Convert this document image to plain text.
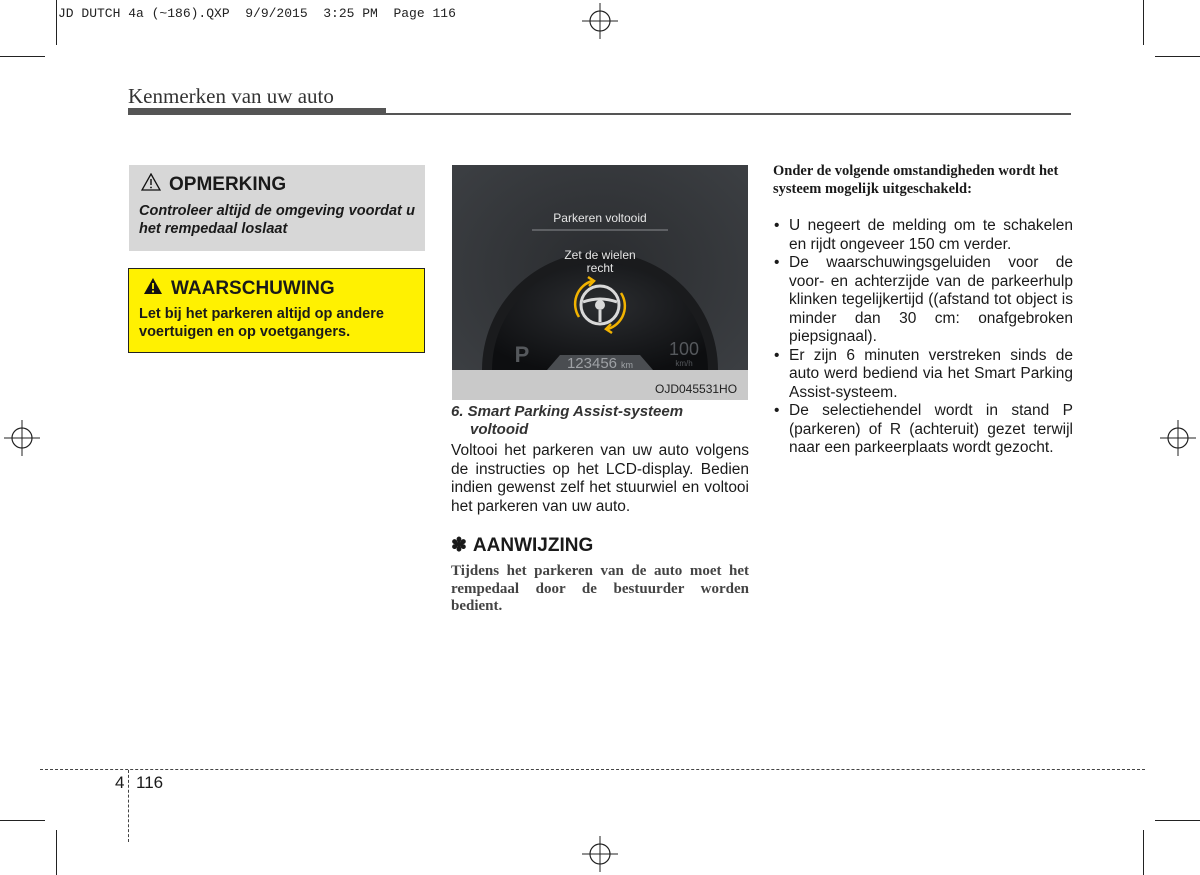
JD DUTCH 4a (~186).QXP  9/9/2015  3:25 PM  Page 116
Kenmerken van uw auto
OPMERKING
Controleer altijd de omgeving voordat u het rempedaal loslaat
WAARSCHUWING
Let bij het parkeren altijd op andere voertuigen en op voetgangers.
Parkeren voltooid
Zet de wielen
recht
P	123456 km
100
km/h
OJD045531HO
6. Smart Parking Assist-systeem
voltooid
Voltooi het parkeren van uw auto volgens de instructies op het LCD-display. Bedien indien gewenst zelf het stuurwiel en voltooi het parkeren van uw auto.
✽ AANWIJZING
Tijdens het parkeren van de auto moet het rempedaal door de bestuurder worden bedient.
Onder de volgende omstandigheden wordt het systeem mogelijk uitgeschakeld:
• U negeert de melding om te schakelen en rijdt ongeveer 150 cm verder.
• De waarschuwingsgeluiden voor de voor- en achterzijde van de parkeerhulp klinken tegelijkertijd ((afstand tot object is minder dan 30 cm: onafgebroken piepsignaal).
• Er zijn 6 minuten verstreken sinds de auto werd bediend via het Smart Parking Assist-systeem.
• De selectiehendel wordt in stand P (parkeren) of R (achteruit) gezet terwijl naar een parkeerplaats wordt gezocht.
4 116
